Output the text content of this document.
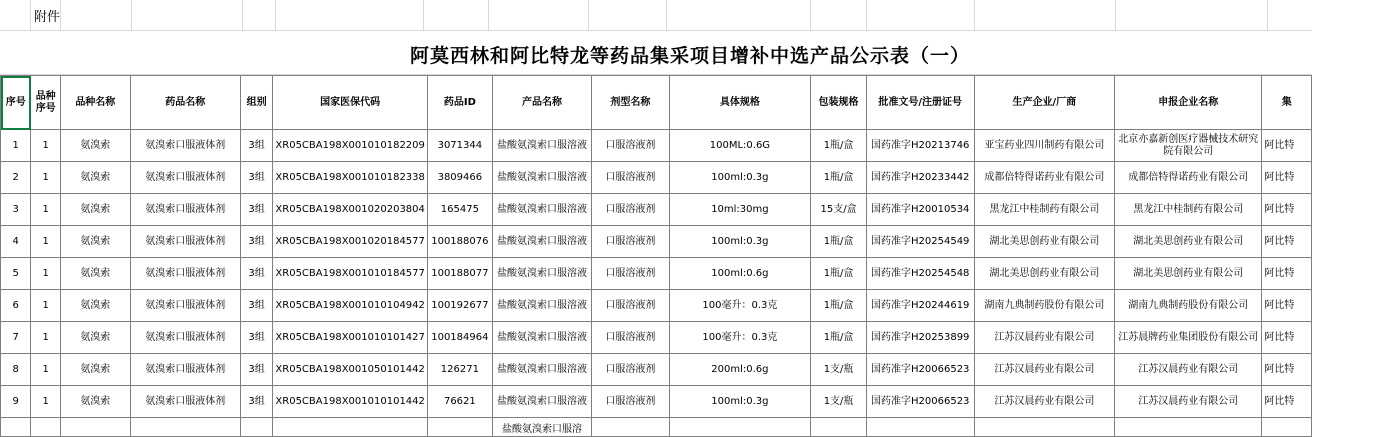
附件
阿莫西林和阿比特龙等药品集采项目增补中选产品公示表（一）
序号	品种序号	品种名称	药品名称	组别	国家医保代码	药品ID	产品名称	剂型名称	具体规格	包装规格	批准文号/注册证号	生产企业/厂商	申报企业名称	集
1	1	氨溴索	氨溴索口服液体剂	3组	XR05CBA198X001010182209	3071344	盐酸氨溴索口服溶液	口服溶液剂	100ML:0.6G	1瓶/盒	国药准字H20213746	亚宝药业四川制药有限公司	北京亦嘉新创医疗器械技术研究院有限公司	阿比特
2	1	氨溴索	氨溴索口服液体剂	3组	XR05CBA198X001010182338	3809466	盐酸氨溴索口服溶液	口服溶液剂	100ml:0.3g	1瓶/盒	国药准字H20233442	成都倍特得诺药业有限公司	成都倍特得诺药业有限公司	阿比特
3	1	氨溴索	氨溴索口服液体剂	3组	XR05CBA198X001020203804	165475	盐酸氨溴索口服溶液	口服溶液剂	10ml:30mg	15支/盒	国药准字H20010534	黑龙江中桂制药有限公司	黑龙江中桂制药有限公司	阿比特
4	1	氨溴索	氨溴索口服液体剂	3组	XR05CBA198X001020184577	100188076	盐酸氨溴索口服溶液	口服溶液剂	100ml:0.3g	1瓶/盒	国药准字H20254549	湖北美思创药业有限公司	湖北美思创药业有限公司	阿比特
5	1	氨溴索	氨溴索口服液体剂	3组	XR05CBA198X001010184577	100188077	盐酸氨溴索口服溶液	口服溶液剂	100ml:0.6g	1瓶/盒	国药准字H20254548	湖北美思创药业有限公司	湖北美思创药业有限公司	阿比特
6	1	氨溴索	氨溴索口服液体剂	3组	XR05CBA198X001010104942	100192677	盐酸氨溴索口服溶液	口服溶液剂	100毫升：0.3克	1瓶/盒	国药准字H20244619	湖南九典制药股份有限公司	湖南九典制药股份有限公司	阿比特
7	1	氨溴索	氨溴索口服液体剂	3组	XR05CBA198X001010101427	100184964	盐酸氨溴索口服溶液	口服溶液剂	100毫升：0.3克	1瓶/盒	国药准字H20253899	江苏汉晨药业有限公司	江苏晨牌药业集团股份有限公司	阿比特
8	1	氨溴索	氨溴索口服液体剂	3组	XR05CBA198X001050101442	126271	盐酸氨溴索口服溶液	口服溶液剂	200ml:0.6g	1支/瓶	国药准字H20066523	江苏汉晨药业有限公司	江苏汉晨药业有限公司	阿比特
9	1	氨溴索	氨溴索口服液体剂	3组	XR05CBA198X001010101442	76621	盐酸氨溴索口服溶液	口服溶液剂	100ml:0.3g	1支/瓶	国药准字H20066523	江苏汉晨药业有限公司	江苏汉晨药业有限公司	阿比特
							盐酸氨溴索口服溶							
